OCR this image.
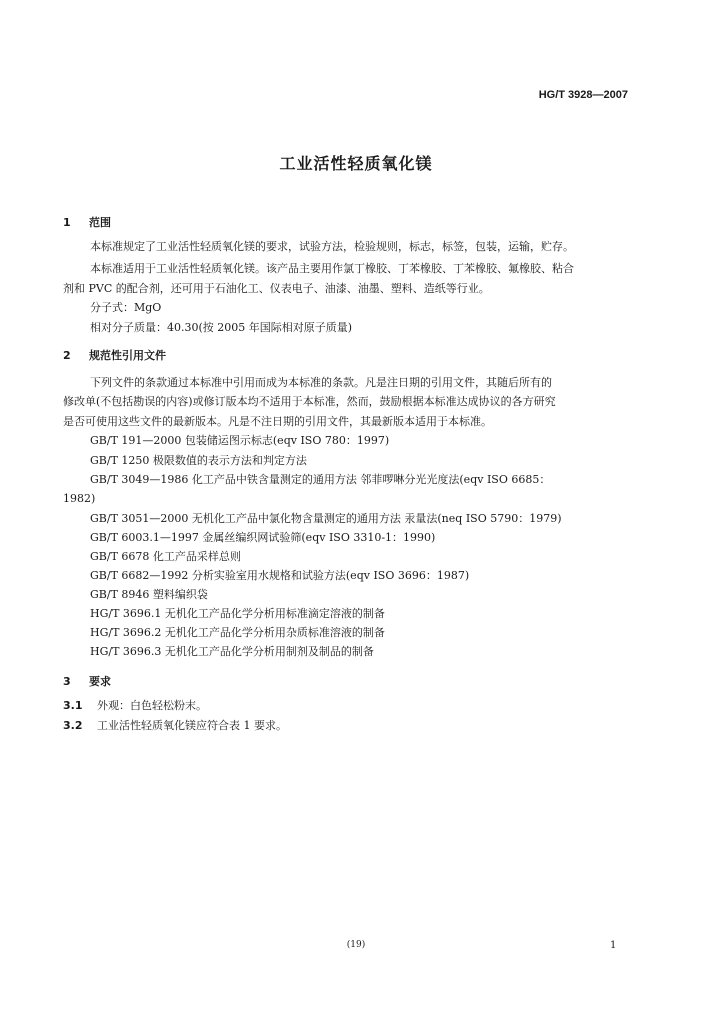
HG/T 3928—2007
工业活性轻质氧化镁
1 范围
本标准规定了工业活性轻质氧化镁的要求，试验方法，检验规则，标志，标签，包装，运输，贮存。
本标准适用于工业活性轻质氧化镁。该产品主要用作氯丁橡胶、丁苯橡胶、丁苯橡胶、氟橡胶、粘合
剂和 PVC 的配合剂，还可用于石油化工、仪表电子、油漆、油墨、塑料、造纸等行业。
分子式：MgO
相对分子质量：40.30(按 2005 年国际相对原子质量)
2 规范性引用文件
下列文件的条款通过本标准中引用而成为本标准的条款。凡是注日期的引用文件，其随后所有的
修改单(不包括勘误的内容)或修订版本均不适用于本标准，然而，鼓励根据本标准达成协议的各方研究
是否可使用这些文件的最新版本。凡是不注日期的引用文件，其最新版本适用于本标准。
GB/T 191—2000 包装储运图示标志(eqv ISO 780：1997)
GB/T 1250 极限数值的表示方法和判定方法
GB/T 3049—1986 化工产品中铁含量测定的通用方法 邻菲啰啉分光光度法(eqv ISO 6685：
1982)
GB/T 3051—2000 无机化工产品中氯化物含量测定的通用方法 汞量法(neq ISO 5790：1979)
GB/T 6003.1—1997 金属丝编织网试验筛(eqv ISO 3310-1：1990)
GB/T 6678 化工产品采样总则
GB/T 6682—1992 分析实验室用水规格和试验方法(eqv ISO 3696：1987)
GB/T 8946 塑料编织袋
HG/T 3696.1 无机化工产品化学分析用标准滴定溶液的制备
HG/T 3696.2 无机化工产品化学分析用杂质标准溶液的制备
HG/T 3696.3 无机化工产品化学分析用制剂及制品的制备
3 要求
3.1 外观：白色轻松粉末。
3.2 工业活性轻质氧化镁应符合表 1 要求。
(19)	1
